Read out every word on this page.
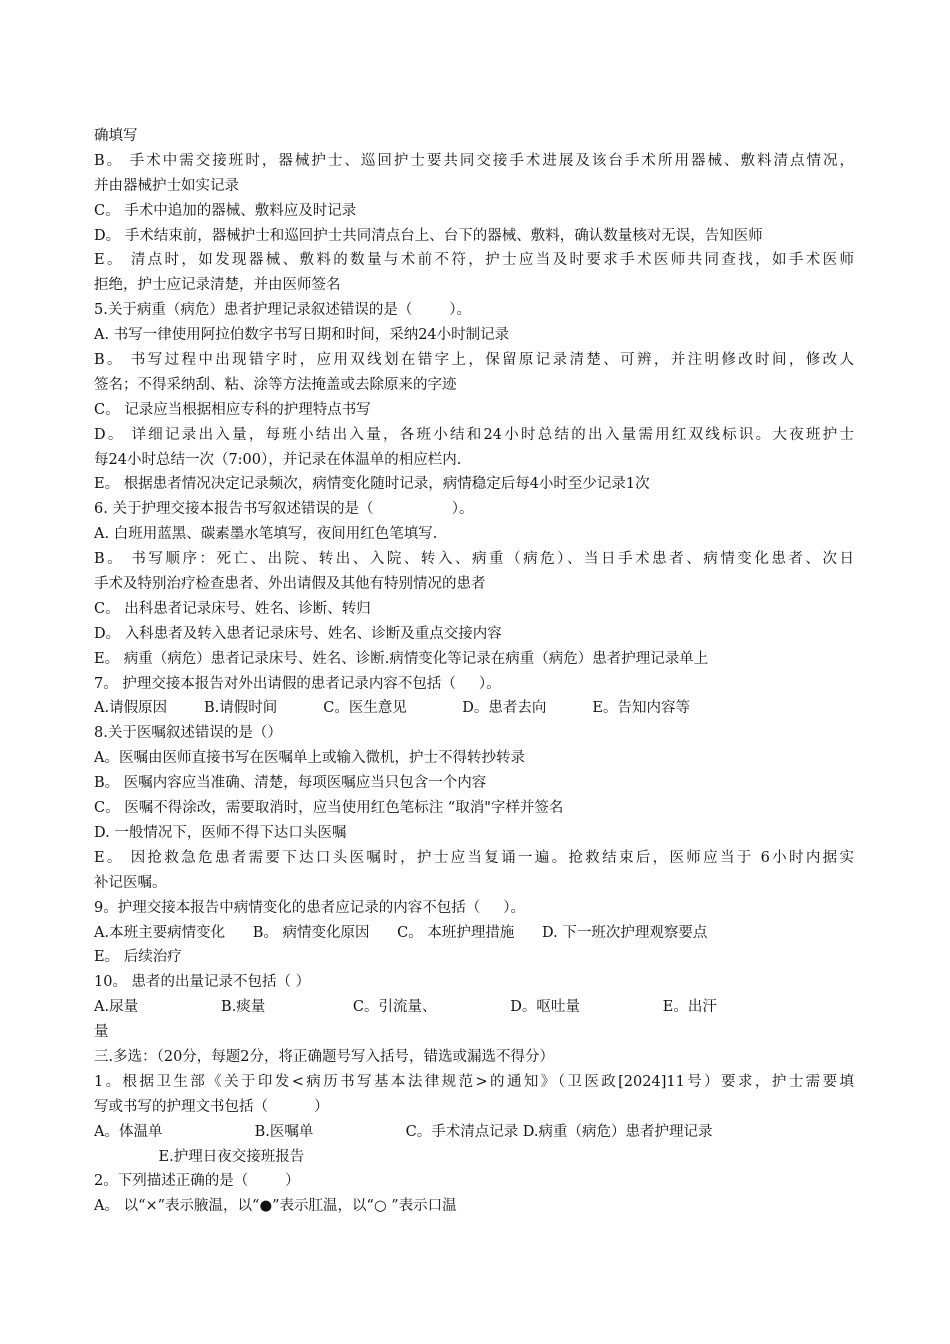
确填写
B。 手术中需交接班时，器械护士、巡回护士要共同交接手术进展及该台手术所用器械、敷料清点情况，
并由器械护士如实记录
C。 手术中追加的器械、敷料应及时记录
D。 手术结束前，器械护士和巡回护士共同清点台上、台下的器械、敷料，确认数量核对无误，告知医师
E。 清点时，如发现器械、敷料的数量与术前不符，护士应当及时要求手术医师共同查找，如手术医师
拒绝，护士应记录清楚，并由医师签名
5.关于病重（病危）患者护理记录叙述错误的是（        ）。
A. 书写一律使用阿拉伯数字书写日期和时间，采纳24小时制记录
B。 书写过程中出现错字时，应用双线划在错字上，保留原记录清楚、可辨，并注明修改时间，修改人
签名；不得采纳刮、粘、涂等方法掩盖或去除原来的字迹
C。 记录应当根据相应专科的护理特点书写
D。 详细记录出入量，每班小结出入量，各班小结和24小时总结的出入量需用红双线标识。大夜班护士
每24小时总结一次（7:00），并记录在体温单的相应栏内.
E。 根据患者情况决定记录频次，病情变化随时记录，病情稳定后每4小时至少记录1次
6. 关于护理交接本报告书写叙述错误的是（                 ）。
A. 白班用蓝黑、碳素墨水笔填写，夜间用红色笔填写.
B。 书写顺序：死亡、出院、转出、入院、转入、病重（病危）、当日手术患者、病情变化患者、次日
手术及特别治疗检查患者、外出请假及其他有特别情况的患者
C。 出科患者记录床号、姓名、诊断、转归
D。 入科患者及转入患者记录床号、姓名、诊断及重点交接内容
E。 病重（病危）患者记录床号、姓名、诊断.病情变化等记录在病重（病危）患者护理记录单上
7。 护理交接本报告对外出请假的患者记录内容不包括（     ）。
A.请假原因        B.请假时间          C。医生意见            D。患者去向          E。告知内容等
8.关于医嘱叙述错误的是（）
A。医嘱由医师直接书写在医嘱单上或输入微机，护士不得转抄转录
B。 医嘱内容应当准确、清楚，每项医嘱应当只包含一个内容
C。 医嘱不得涂改，需要取消时，应当使用红色笔标注 “取消"字样并签名
D. 一般情况下，医师不得下达口头医嘱
E。 因抢救急危患者需要下达口头医嘱时，护士应当复诵一遍。抢救结束后，医师应当于 6小时内据实
补记医嘱。
9。护理交接本报告中病情变化的患者应记录的内容不包括（     ）。
A.本班主要病情变化      B。 病情变化原因      C。 本班护理措施      D. 下一班次护理观察要点
E。 后续治疗
10。 患者的出量记录不包括（ ）
A.尿量                  B.痰量                   C。引流量、                D。呕吐量                  E。出汗
量
三.多选：（20分，每题2分，将正确题号写入括号，错选或漏选不得分）
1。根据卫生部《关于印发<病历书写基本法律规范>的通知》（卫医政[2024]11号）要求，护士需要填
写或书写的护理文书包括（          ）
A。体温单                    B.医嘱单                    C。手术清点记录 D.病重（病危）患者护理记录
E.护理日夜交接班报告
2。下列描述正确的是（        ）
A。 以“×”表示腋温，以“●”表示肛温，以“○ ”表示口温
